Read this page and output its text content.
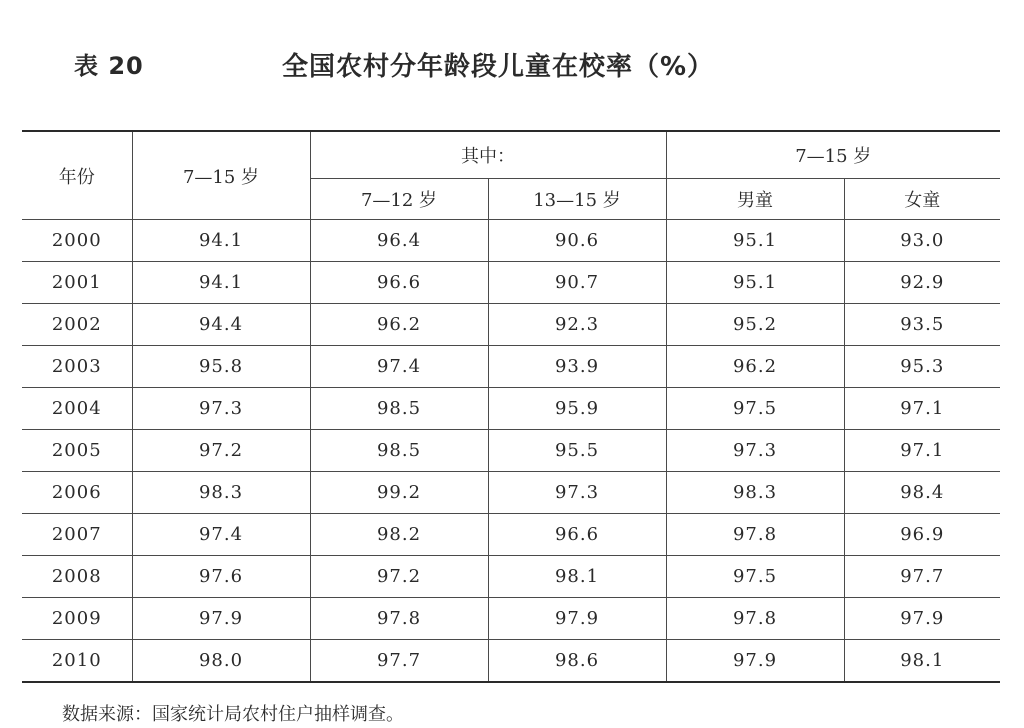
表 20	全国农村分年龄段儿童在校率（%）
年份	7—15 岁	其中：		7—15 岁	
		7—12 岁	13—15 岁	男童	女童
2000	94.1	96.4	90.6	95.1	93.0
2001	94.1	96.6	90.7	95.1	92.9
2002	94.4	96.2	92.3	95.2	93.5
2003	95.8	97.4	93.9	96.2	95.3
2004	97.3	98.5	95.9	97.5	97.1
2005	97.2	98.5	95.5	97.3	97.1
2006	98.3	99.2	97.3	98.3	98.4
2007	97.4	98.2	96.6	97.8	96.9
2008	97.6	97.2	98.1	97.5	97.7
2009	97.9	97.8	97.9	97.8	97.9
2010	98.0	97.7	98.6	97.9	98.1
数据来源：国家统计局农村住户抽样调查。
